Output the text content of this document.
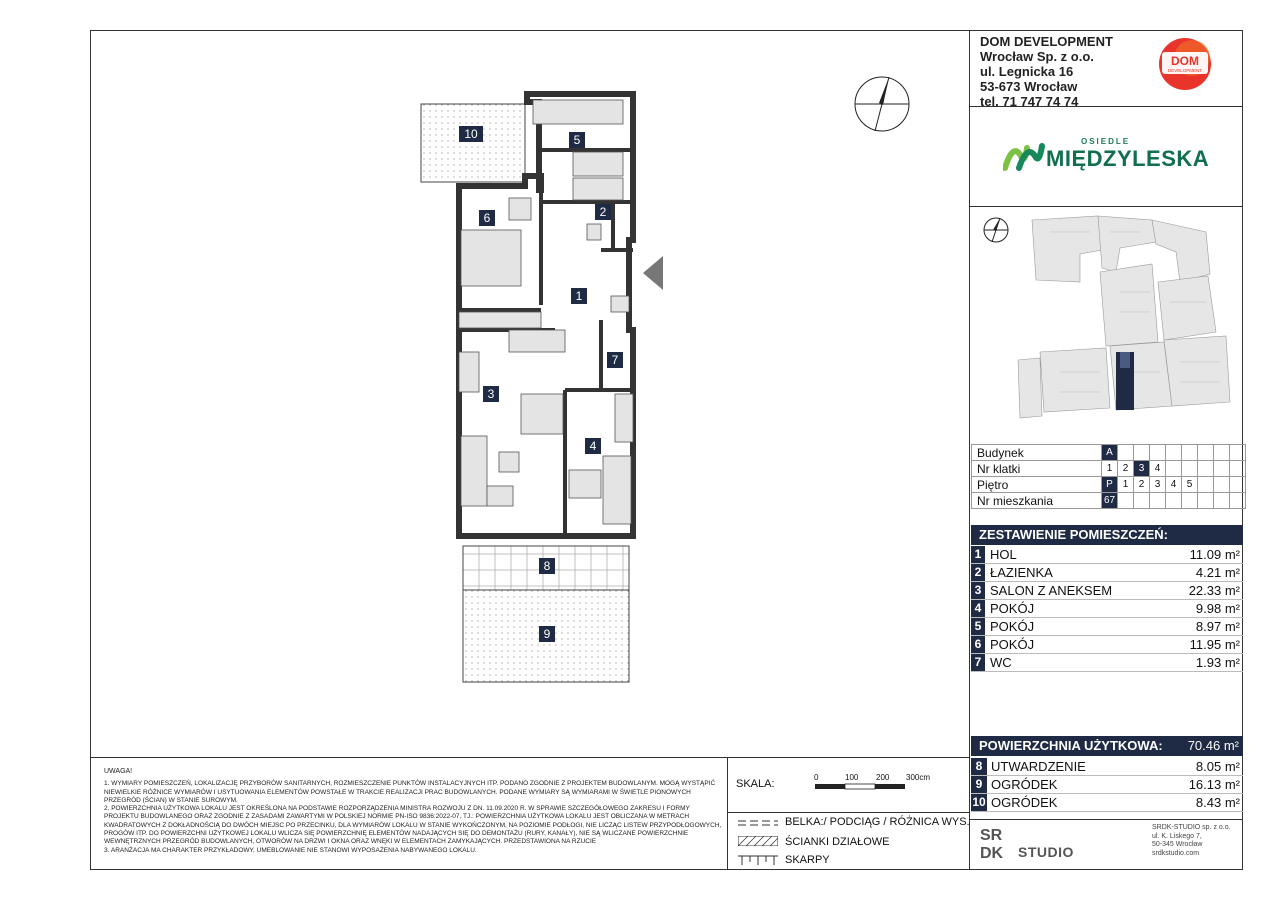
DOM DEVELOPMENT
Wrocław Sp. z o.o.
ul. Legnicka 16
53-673 Wrocław
tel. 71 747 74 74
DOM
DEVELOPMENT
OSIEDLE
MIĘDZYLESKA
Budynek	A								
Nr klatki	1	2	3	4					
Piętro	P	1	2	3	4	5			
Nr mieszkania	67								
ZESTAWIENIE POMIESZCZEŃ:
1 HOL	11.09 m²
2 ŁAZIENKA	4.21 m²
3 SALON Z ANEKSEM	22.33 m²
4 POKÓJ	9.98 m²
5 POKÓJ	8.97 m²
6 POKÓJ	11.95 m²
7 WC	1.93 m²
POWIERZCHNIA UŻYTKOWA: 70.46 m²
8 UTWARDZENIE	8.05 m²
9 OGRÓDEK	16.13 m²
10 OGRÓDEK	8.43 m²
1
2
3
4
5
6
7
8
9
10
UWAGA!
1. WYMIARY POMIESZCZEŃ, LOKALIZACJĘ PRZYBORÓW SANITARNYCH, ROZMIESZCZENIE PUNKTÓW INSTALACYJNYCH ITP. PODANO ZGODNIE Z PROJEKTEM BUDOWLANYM. MOGĄ WYSTĄPIĆ NIEWIELKIE RÓŻNICE WYMIARÓW I USYTUOWANIA ELEMENTÓW POWSTAŁE W TRAKCIE REALIZACJI PRAC BUDOWLANYCH. PODANE WYMIARY SĄ WYMIARAMI W ŚWIETLE PIONOWYCH PRZEGRÓD (ŚCIAN) W STANIE SUROWYM.
2. POWIERZCHNIA UŻYTKOWA LOKALU JEST OKREŚLONA NA PODSTAWIE ROZPORZĄDZENIA MINISTRA ROZWOJU Z DN. 11.09.2020 R. W SPRAWIE SZCZEGÓŁOWEGO ZAKRESU I FORMY PROJEKTU BUDOWLANEGO ORAZ ZGODNIE Z ZASADAMI ZAWARTYMI W POLSKIEJ NORMIE PN-ISO 9836:2022-07, TJ.: POWIERZCHNIA UŻYTKOWA LOKALU JEST OBLICZANA W METRACH KWADRATOWYCH Z DOKŁADNOŚCIĄ DO DWÓCH MIEJSC PO PRZECINKU, DLA WYMIARÓW LOKALU W STANIE WYKOŃCZONYM, NA POZIOMIE PODŁOGI, NIE LICZĄC LISTEW PRZYPODŁOGOWYCH, PROGÓW ITP. DO POWIERZCHNI UŻYTKOWEJ LOKALU WLICZA SIĘ POWIERZCHNIĘ ELEMENTÓW NADAJĄCYCH SIĘ DO DEMONTAŻU (RURY, KANAŁY), NIE SĄ WLICZANE POWIERZCHNIE WEWNĘTRZNYCH PRZEGRÓD BUDOWLANYCH, OTWORÓW NA DRZWI I OKNA ORAZ WNĘKI W ELEMENTACH ZAMYKAJĄCYCH. PRZEDSTAWIONA NA RZUCIE
3. ARANŻACJA MA CHARAKTER PRZYKŁADOWY, UMEBLOWANIE NIE STANOWI WYPOSAŻENIA NABYWANEGO LOKALU.
SKALA:
0	100 200 300cm
BELKA:/ PODCIĄG / RÓŻNICA WYS.
ŚCIANKI DZIAŁOWE
SKARPY
SR
DK STUDIO
SRDK-STUDIO sp. z o.o.
ul. K. Liskego 7,
50-345 Wrocław
srdkstudio.com
